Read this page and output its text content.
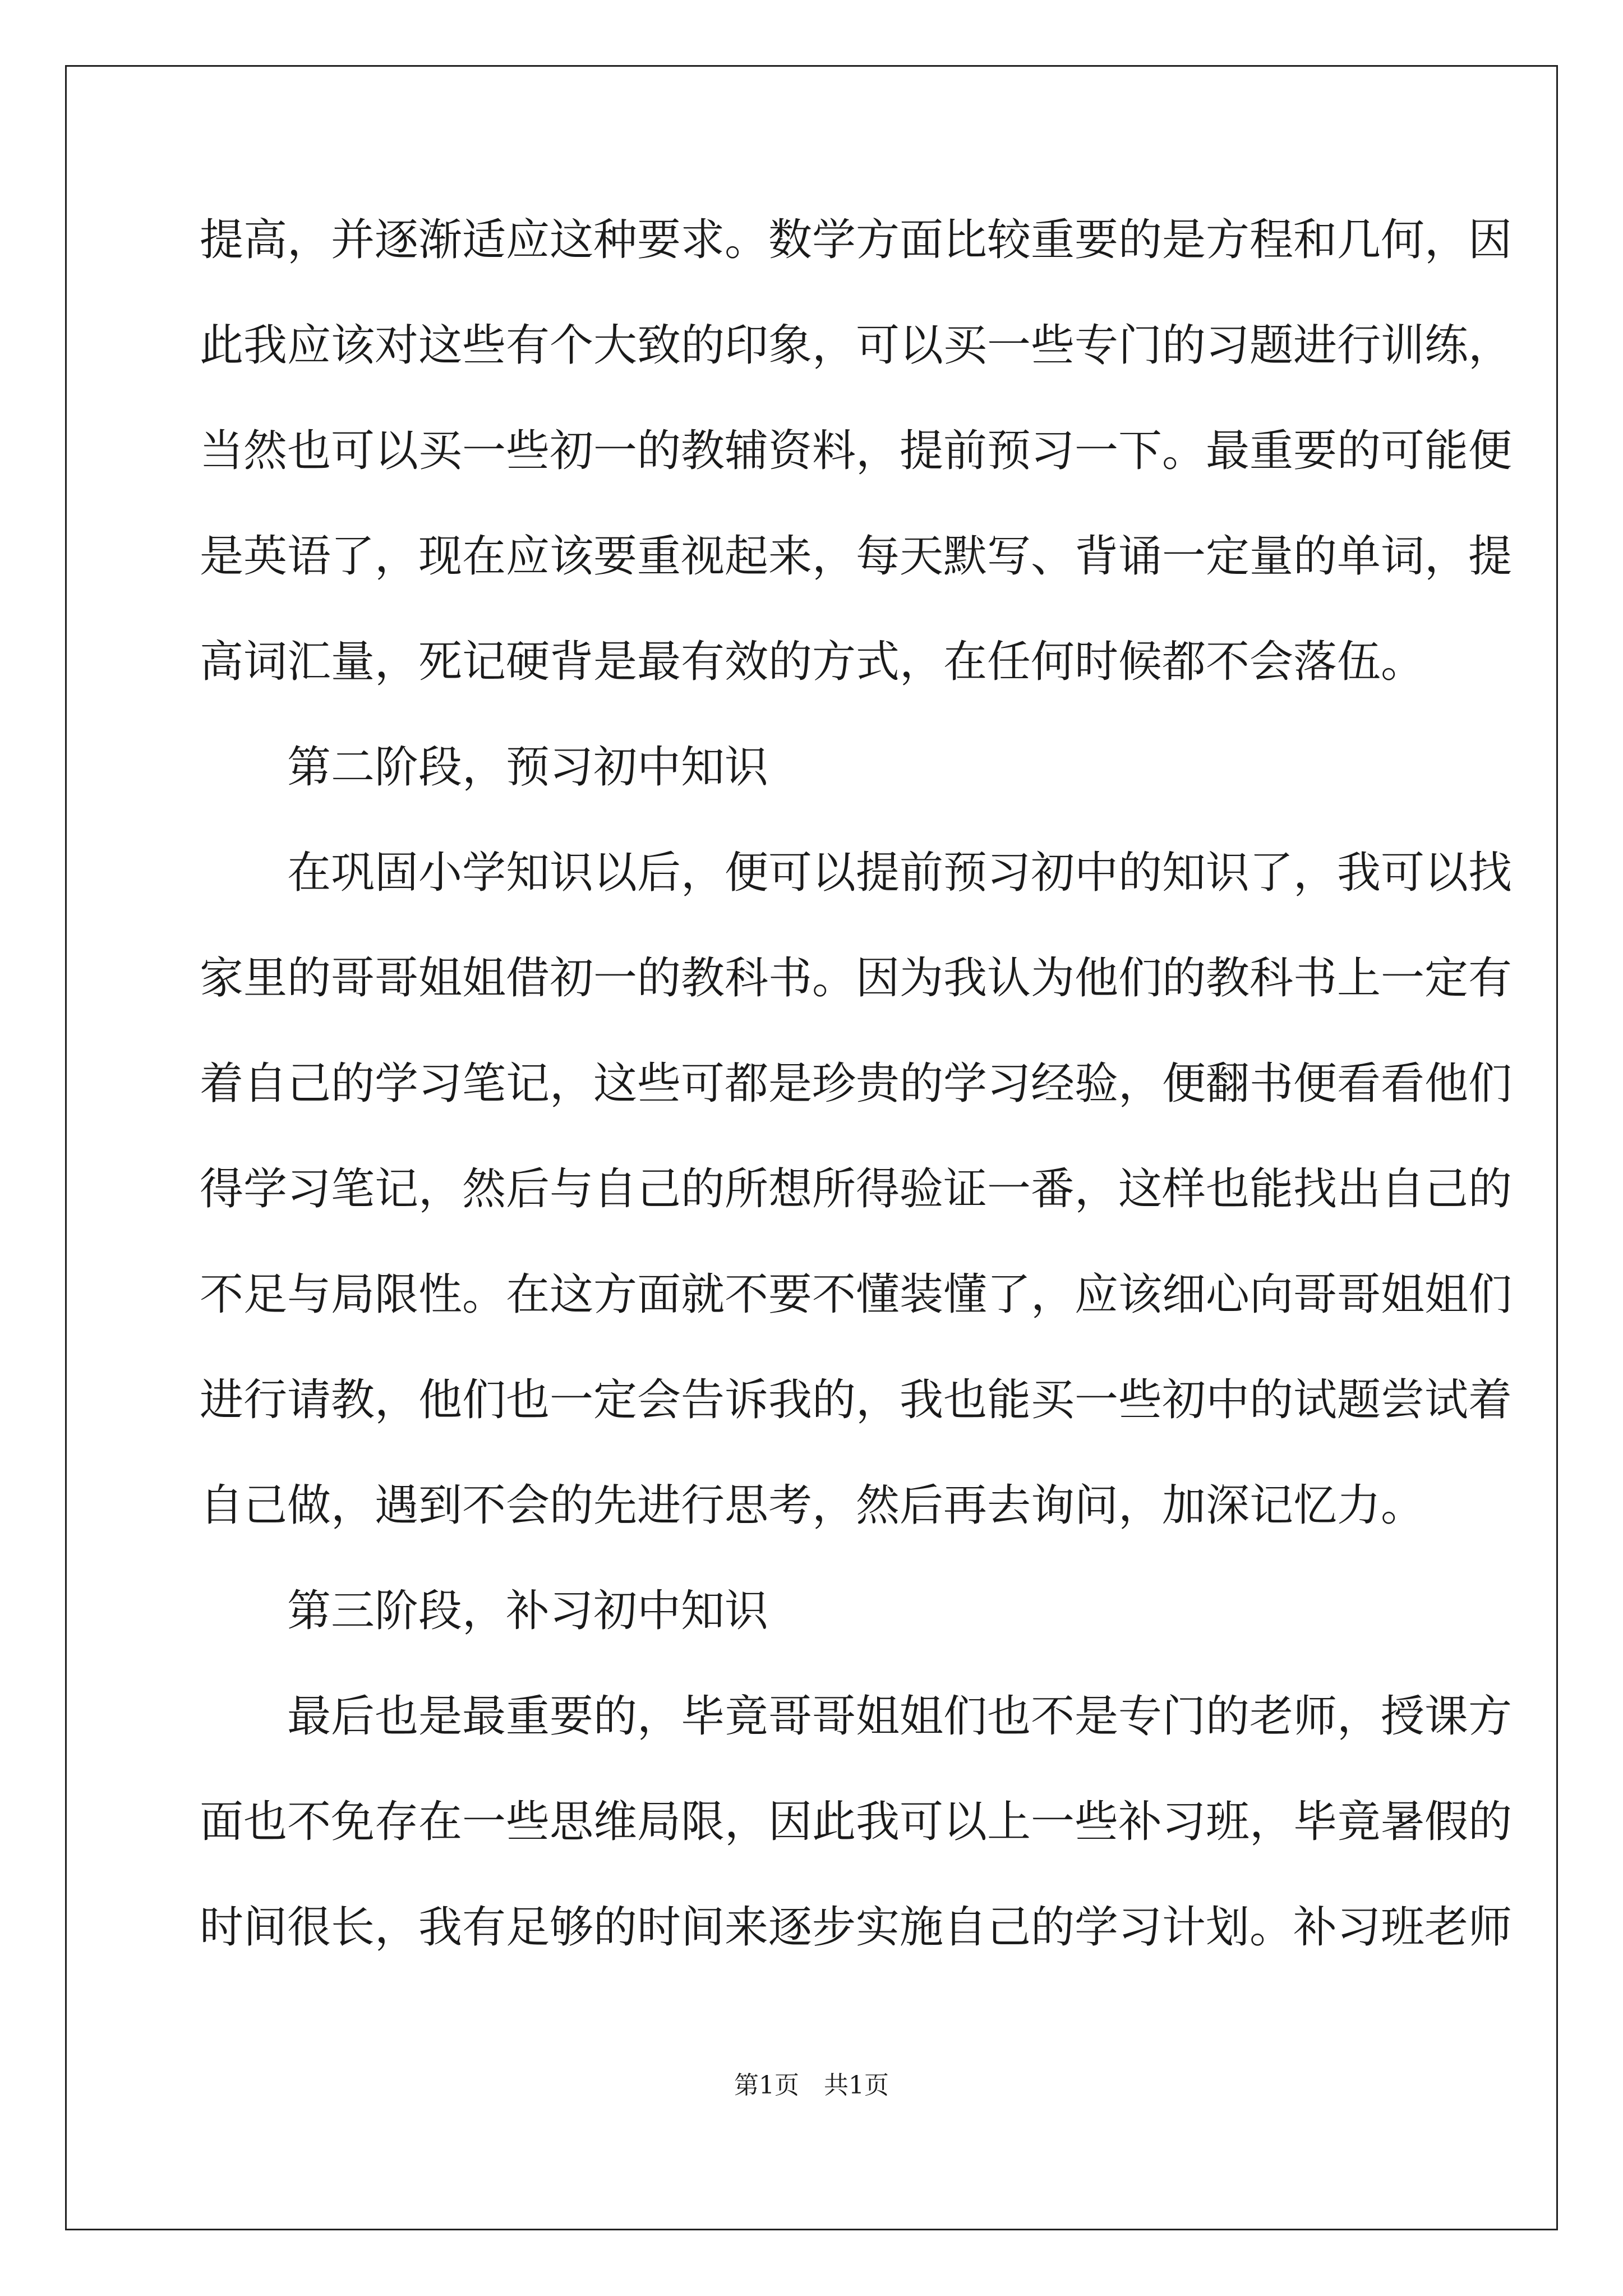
提高，并逐渐适应这种要求。数学方面比较重要的是方程和几何，因
此我应该对这些有个大致的印象，可以买一些专门的习题进行训练，
当然也可以买一些初一的教辅资料，提前预习一下。最重要的可能便
是英语了，现在应该要重视起来，每天默写、背诵一定量的单词，提
高词汇量，死记硬背是最有效的方式，在任何时候都不会落伍。
　　第二阶段，预习初中知识
　　在巩固小学知识以后，便可以提前预习初中的知识了，我可以找
家里的哥哥姐姐借初一的教科书。因为我认为他们的教科书上一定有
着自己的学习笔记，这些可都是珍贵的学习经验，便翻书便看看他们
得学习笔记，然后与自己的所想所得验证一番，这样也能找出自己的
不足与局限性。在这方面就不要不懂装懂了，应该细心向哥哥姐姐们
进行请教，他们也一定会告诉我的，我也能买一些初中的试题尝试着
自己做，遇到不会的先进行思考，然后再去询问，加深记忆力。
　　第三阶段，补习初中知识
　　最后也是最重要的，毕竟哥哥姐姐们也不是专门的老师，授课方
面也不免存在一些思维局限，因此我可以上一些补习班，毕竟暑假的
时间很长，我有足够的时间来逐步实施自己的学习计划。补习班老师
第1页 共1页
